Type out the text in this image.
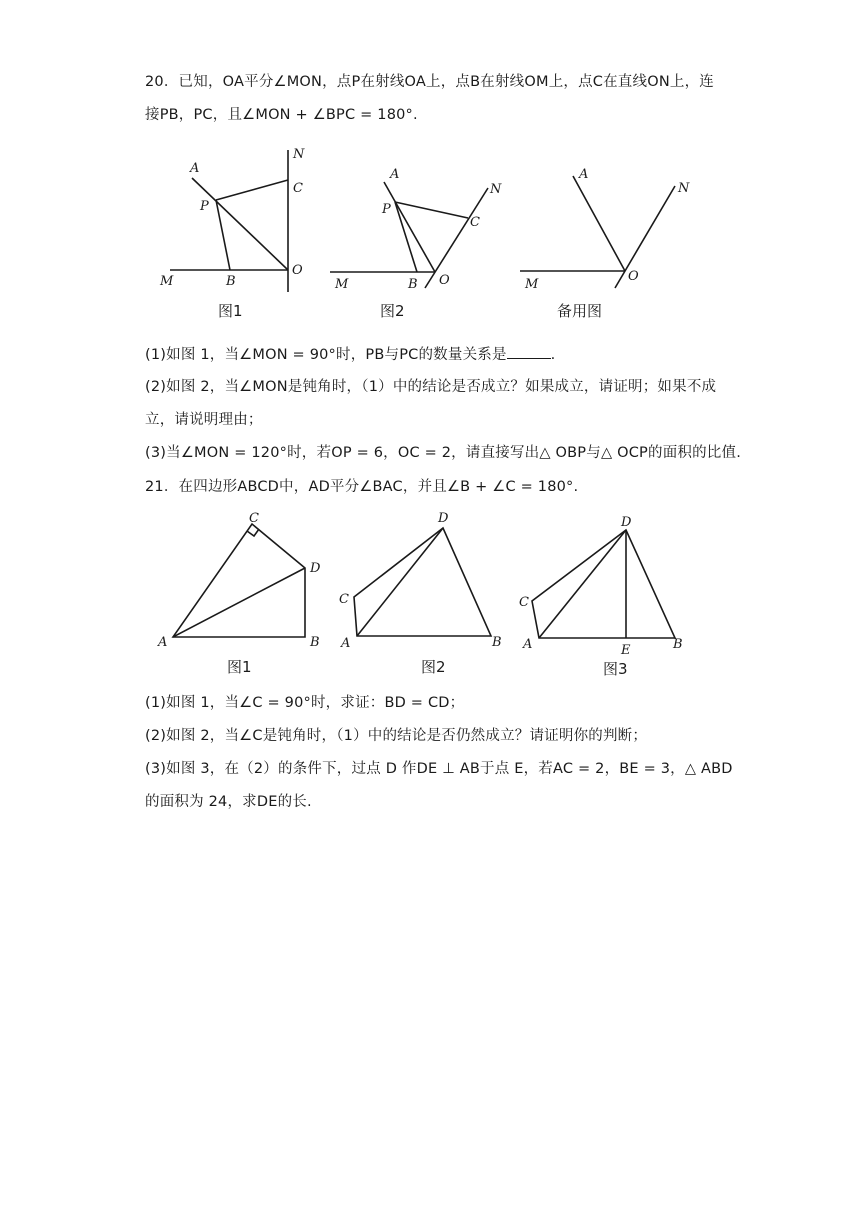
20．已知，OA平分∠MON，点P在射线OA上，点B在射线OM上，点C在直线ON上，连
接PB，PC，且∠MON + ∠BPC = 180°.
A
N
C
P
M	B
O
图1
A
N
P
C
M	B O
图2
A
N
M
O
备用图
(1)如图 1，当∠MON = 90°时，PB与PC的数量关系是	.
(2)如图 2，当∠MON是钝角时，（1）中的结论是否成立？如果成立，请证明；如果不成
立，请说明理由；
(3)当∠MON = 120°时，若OP = 6，OC = 2，请直接写出△ OBP与△ OCP的面积的比值.
21．在四边形ABCD中，AD平分∠BAC，并且∠B + ∠C = 180°.
C
D
A	B
图1
D
C
A	B
图2
D
C
A	E	B
图3
(1)如图 1，当∠C = 90°时，求证：BD = CD；
(2)如图 2，当∠C是钝角时，（1）中的结论是否仍然成立？请证明你的判断；
(3)如图 3，在（2）的条件下，过点 D 作DE ⊥ AB于点 E，若AC = 2，BE = 3，△ ABD
的面积为 24，求DE的长.
